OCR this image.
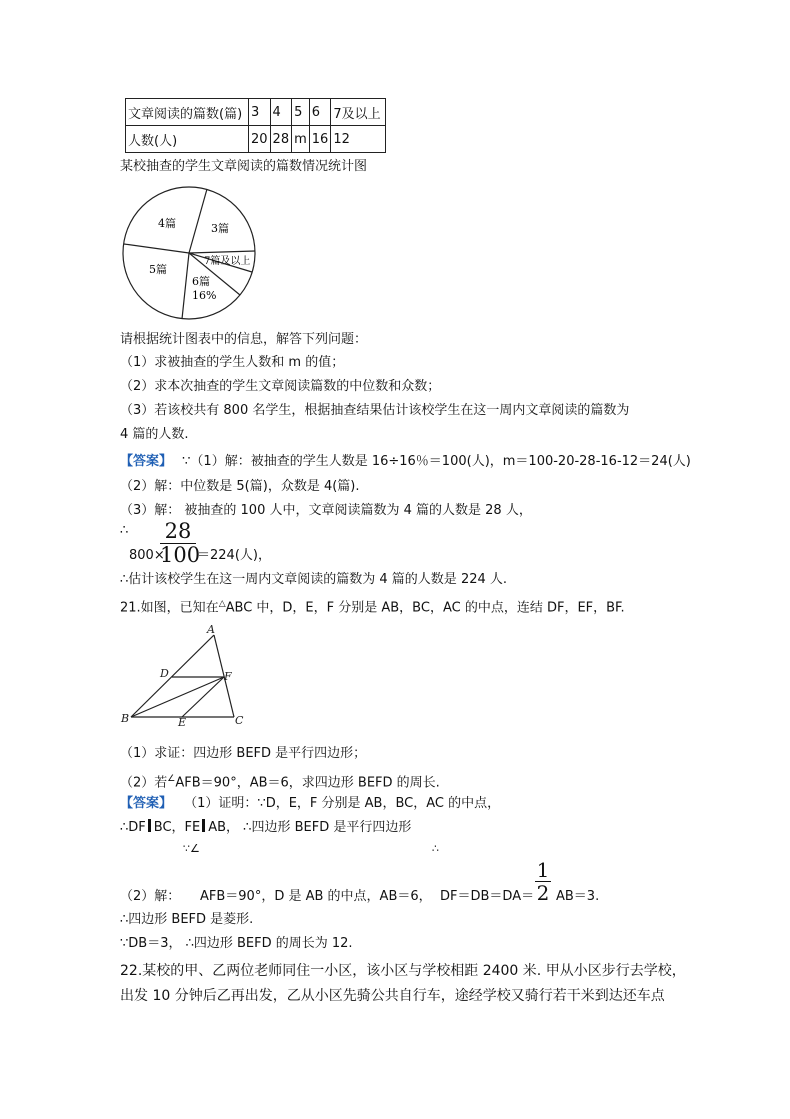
文章阅读的篇数(篇)	3	4	5	6	7及以上
人数(人)	20	28	m	16	12
某校抽查的学生文章阅读的篇数情况统计图
4篇	3篇
7篇及以上
5篇
6篇
16%
请根据统计图表中的信息，解答下列问题：
（1）求被抽查的学生人数和 m 的值；
（2）求本次抽查的学生文章阅读篇数的中位数和众数；
（3）若该校共有 800 名学生，根据抽查结果估计该校学生在这一周内文章阅读的篇数为
4 篇的人数.
【答案】 ∵（1）解：被抽查的学生人数是 16÷16％＝100(人)，m＝100-20-28-16-12＝24(人)
（2）解：中位数是 5(篇)，众数是 4(篇).
（3）解： 被抽查的 100 人中，文章阅读篇数为 4 篇的人数是 28 人，
∴
800×
28
100
＝224(人)，
∴估计该校学生在这一周内文章阅读的篇数为 4 篇的人数是 224 人.
21.如图，已知在△ABC 中，D，E，F 分别是 AB，BC，AC 的中点，连结 DF，EF，BF.
A
B	C
D
E
F
（1）求证：四边形 BEFD 是平行四边形；
（2）若∠AFB＝90°，AB＝6，求四边形 BEFD 的周长.
【答案】 （1）证明：∵D，E，F 分别是 AB，BC，AC 的中点，
∴DF BC，FE AB， ∴四边形 BEFD 是平行四边形
∵∠	∴
（2）解： AFB＝90°，D 是 AB 的中点，AB＝6， DF＝DB＝DA＝
1
2 AB＝3.
∴四边形 BEFD 是菱形.
∵DB＝3， ∴四边形 BEFD 的周长为 12.
22.某校的甲、乙两位老师同住一小区，该小区与学校相距 2400 米. 甲从小区步行去学校，
出发 10 分钟后乙再出发，乙从小区先骑公共自行车，途经学校又骑行若干米到达还车点
